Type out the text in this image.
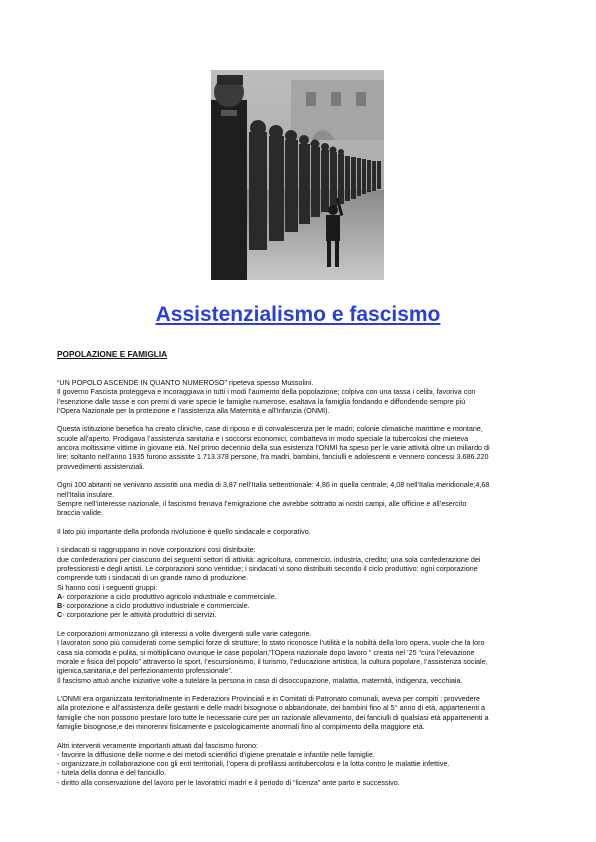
Assistenzialismo e fascismo
POPOLAZIONE E FAMIGLIA

“UN POPOLO ASCENDE IN QUANTO NUMEROSO” ripeteva spesso Mussolini.
Il governo Fascista proteggeva e incoraggiava in tutti i modi l’aumento della popolazione; colpiva con una tassa i celibi, favoriva con
l’esenzione dalle tasse e con premi di varie specie le famiglie numerose, esaltava la famiglia fondando e diffondendo sempre più
l’Opera Nazionale per la protezione e l’assistenza alla Maternità e all’Infanzia (ONMI).

Questa istituzione benefica ha creato cliniche, case di riposo e di convalescenza per le madri; colonie climatiche marittime e montane,
scuole all’aperto. Prodigava l’assistenza sanitaria e i soccorsi economici, combatteva in modo speciale la tubercolosi che mieteva
ancora moltissime vittime in giovane età. Nel primo decennio della sua esistenza l’ONMI ha speso per le varie attività oltre un miliardo di
lire: soltanto nell’anno 1935 furono assistite 1.713.378 persone, fra madri, bambini, fanciulli e adolescenti e vennero concessi 3.686.220
provvedimenti assistenziali.

Ogni 100 abitanti ne venivano assistiti una media di 3,87 nell’Italia settentrionale: 4,86 in quella centrale; 4,08 nell’Italia meridionale;4,68
nell’Italia insulare.
Sempre nell’interesse nazionale, il fascismo frenava l’emigrazione che avrebbe sottratto ai nostri campi, alle officine e all’esercito
braccia valide.

Il lato più importante della profonda rivoluzione è quello sindacale e corporativo.

I sindacati si raggruppano in nove corporazioni così distribuite:
due confederazioni per ciascuno dei seguenti settori di attività: agricoltura, commercio, industria, credito; una sola confederazione dei
professionisti e degli artisti. Le corporazioni sono ventidue; i sindacati vi sono distribuiti secondo il ciclo produttivo: ogni corporazione
comprende tutti i sindacati di un grande ramo di produzione.
Si hanno così i seguenti gruppi:
A- corporazione a ciclo produttivo agricolo industriale e commerciale.
B- corporazione a ciclo produttivo industriale e commerciale.
C- corporazione per le attività produttrici di servizi.

Le corporazioni armonizzano gli interessi a volte divergenti sulle varie categorie.
I lavoratori sono più considerati come semplici forze di strutture; lo stato riconosce l’utilità e la nobiltà della loro opera, vuole che la loro
casa sia comoda e pulita, si moltiplicano ovunque le case popolari,”l’Opera nazionale dopo lavoro “ creata nel ’25 “cura l’elevazione
morale e fisica del popolo” attraverso lo sport, l’escursionismo, il turismo, l’educazione artistica, la cultura popolare, l’assistenza sociale,
igienica,sanitaria,e del perfezionamento professionale”.
Il fascismo attuò anche iniziative volte a tutelare la persona in caso di disoccupazione, malattia, maternità, indigenza, vecchiaia.

L’ONMI era organizzata territorialmente in Federazioni Provinciali e in Comitati di Patronato comunali, aveva per compiti : provvedere
alla protezione e all’assistenza delle gestanti e delle madri bisognose o abbandonate, dei bambini fino al 5° anno di età, appartenenti a
famiglie che non possono prestare loro tutte le necessarie cure per un razionale allevamento, dei fanciulli di qualsiasi età appartenenti a
famiglie bisognose,e dei minorenni fisicamente e psicologicamente anormali fino al compimento della maggiore età.

Altri interventi veramente importanti attuati dal fascismo furono:
- favorire la diffusione delle norme e dei metodi scientifici d’igiene prenatale e infantile nelle famiglie.
- organizzare,in collaborazione con gli enti territoriali, l’opera di profilassi antitubercolosi e la lotta contro le malattie infettive.
- tutela della donna e del fanciullo.
- diritto alla conservazione del lavoro per le lavoratrici madri e il periodo di “licenza” ante parto e successivo.
